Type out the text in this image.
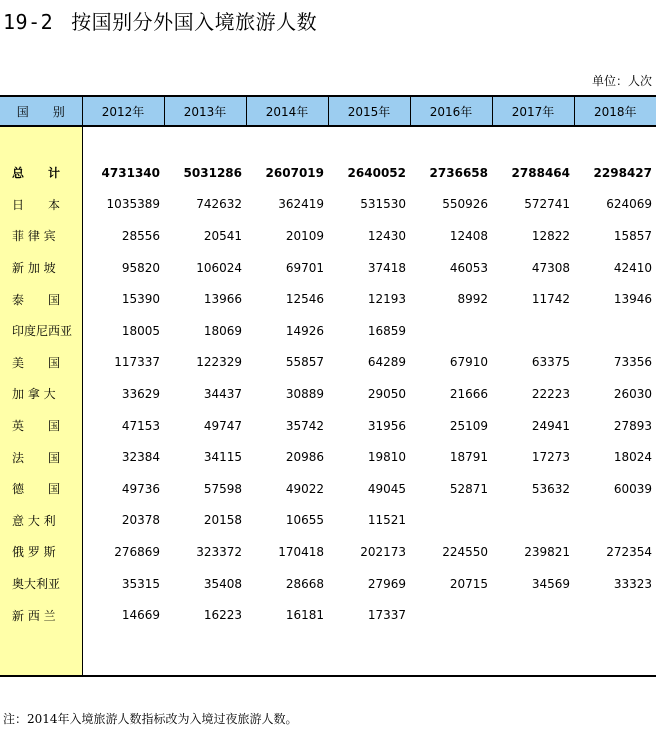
19-2 按国别分外国入境旅游人数
单位：人次
国　　别	2012年	2013年	2014年	2015年	2016年	2017年	2018年

总　　计	4731340	5031286	2607019	2640052	2736658	2788464	2298427
日　　本	1035389	742632	362419	531530	550926	572741	624069
菲 律 宾	28556	20541	20109	12430	12408	12822	15857
新 加 坡	95820	106024	69701	37418	46053	47308	42410
泰　　国	15390	13966	12546	12193	8992	11742	13946
印度尼西亚	18005	18069	14926	16859			
美　　国	117337	122329	55857	64289	67910	63375	73356
加 拿 大	33629	34437	30889	29050	21666	22223	26030
英　　国	47153	49747	35742	31956	25109	24941	27893
法　　国	32384	34115	20986	19810	18791	17273	18024
德　　国	49736	57598	49022	49045	52871	53632	60039
意 大 利	20378	20158	10655	11521			
俄 罗 斯	276869	323372	170418	202173	224550	239821	272354
奥大利亚	35315	35408	28668	27969	20715	34569	33323
新 西 兰	14669	16223	16181	17337			

注：2014年入境旅游人数指标改为入境过夜旅游人数。
